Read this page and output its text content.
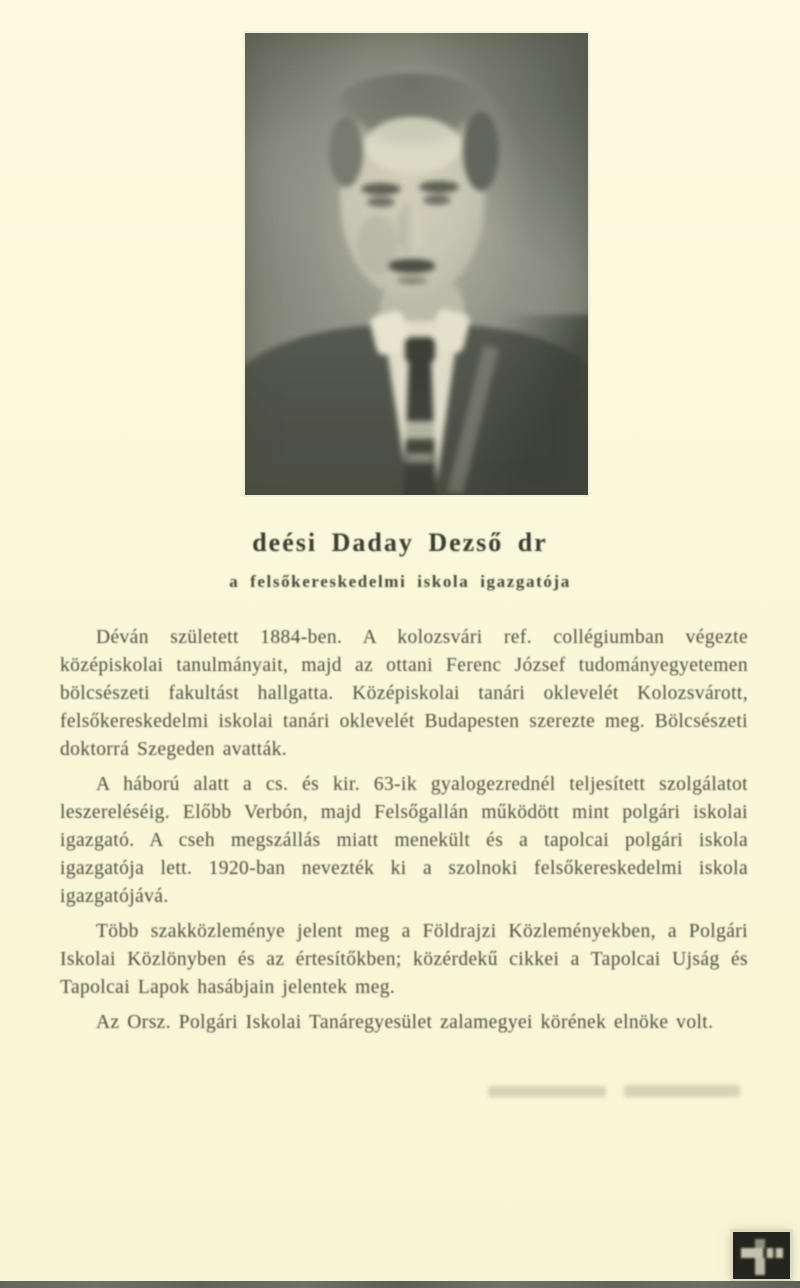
deési Daday Dezső dr
a felsőkereskedelmi iskola igazgatója

Déván született 1884-ben. A kolozsvári ref. collégiumban végezte középiskolai tanulmányait, majd az ottani Ferenc József tudományegyetemen bölcsészeti fakultást hallgatta. Középiskolai tanári oklevelét Kolozsvárott, felsőkereskedelmi iskolai tanári oklevelét Budapesten szerezte meg. Bölcsészeti doktorrá Szegeden avatták.

A háború alatt a cs. és kir. 63-ik gyalogezrednél teljesített szolgálatot leszereléséig. Előbb Verbón, majd Felsőgallán működött mint polgári iskolai igazgató. A cseh megszállás miatt menekült és a tapolcai polgári iskola igazgatója lett. 1920-ban nevezték ki a szolnoki felsőkereskedelmi iskola igazgatójává.

Több szakközleménye jelent meg a Földrajzi Közleményekben, a Polgári Iskolai Közlönyben és az értesítőkben; közérdekű cikkei a Tapolcai Ujság és Tapolcai Lapok hasábjain jelentek meg.

Az Orsz. Polgári Iskolai Tanáregyesület zalamegyei körének elnöke volt.
